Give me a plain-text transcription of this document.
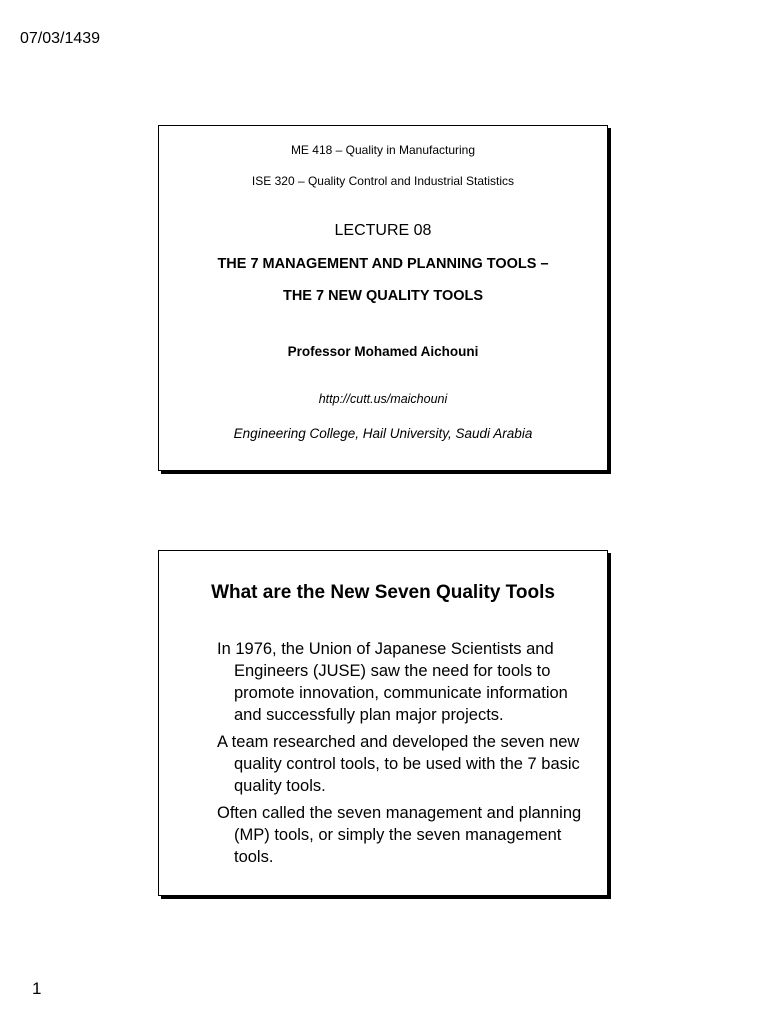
07/03/1439
ME 418 – Quality in Manufacturing
ISE 320 – Quality Control and Industrial Statistics
LECTURE 08
THE 7 MANAGEMENT AND PLANNING TOOLS –
THE 7 NEW QUALITY TOOLS
Professor Mohamed Aichouni
http://cutt.us/maichouni
Engineering College, Hail University, Saudi Arabia
What are the New Seven Quality Tools
In 1976, the Union of Japanese Scientists and Engineers (JUSE) saw the need for tools to promote innovation, communicate information and successfully plan major projects.
A team researched and developed the seven new quality control tools, to be used with the 7 basic quality tools.
Often called the seven management and planning (MP) tools, or simply the seven management tools.
1
